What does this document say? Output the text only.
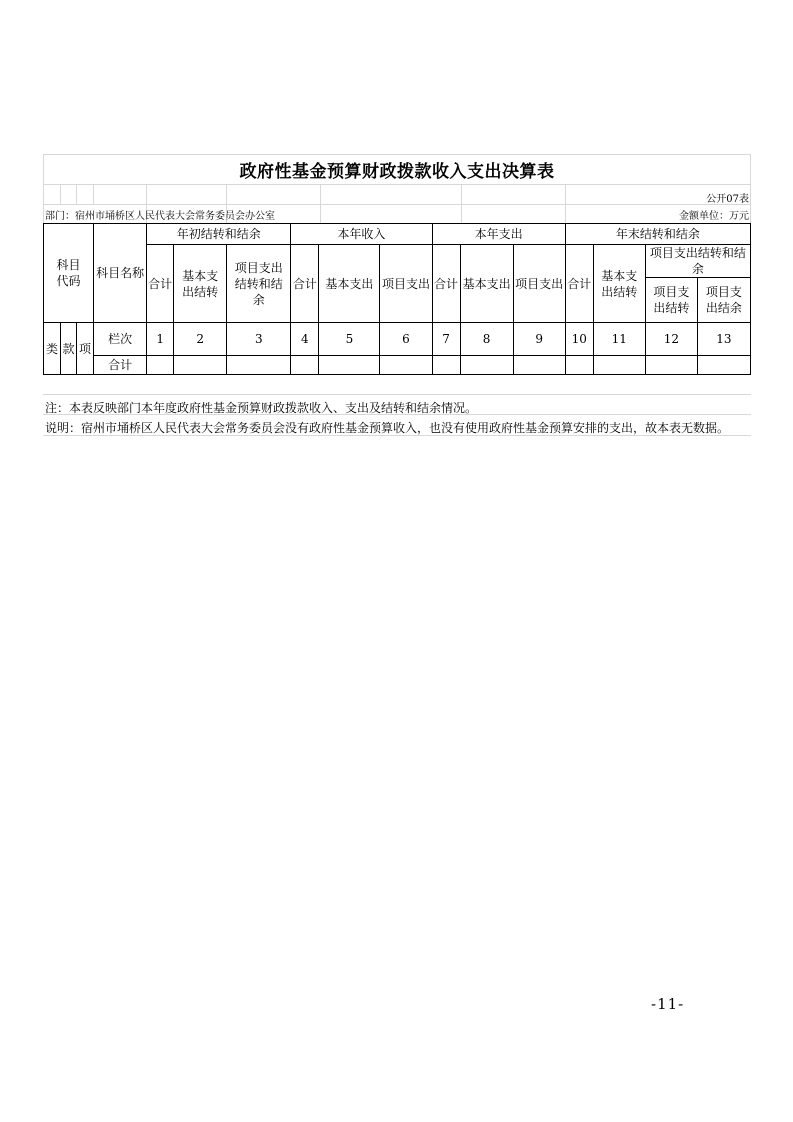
政府性基金预算财政拨款收入支出决算表
公开07表
部门：宿州市埇桥区人民代表大会常务委员会办公室	金额单位：万元
科目代码			科目名称	年初结转和结余			本年收入			本年支出			年末结转和结余			
				合计	基本支出结转	项目支出结转和结余	合计	基本支出	项目支出	合计	基本支出	项目支出	合计	基本支出结转	项目支出结转和结余	
															项目支出结转	项目支出结余
类	款	项	栏次	1	2	3	4	5	6	7	8	9	10	11	12	13
			合计													
注：本表反映部门本年度政府性基金预算财政拨款收入、支出及结转和结余情况。
说明：宿州市埇桥区人民代表大会常务委员会没有政府性基金预算收入，也没有使用政府性基金预算安排的支出，故本表无数据。
-11-
